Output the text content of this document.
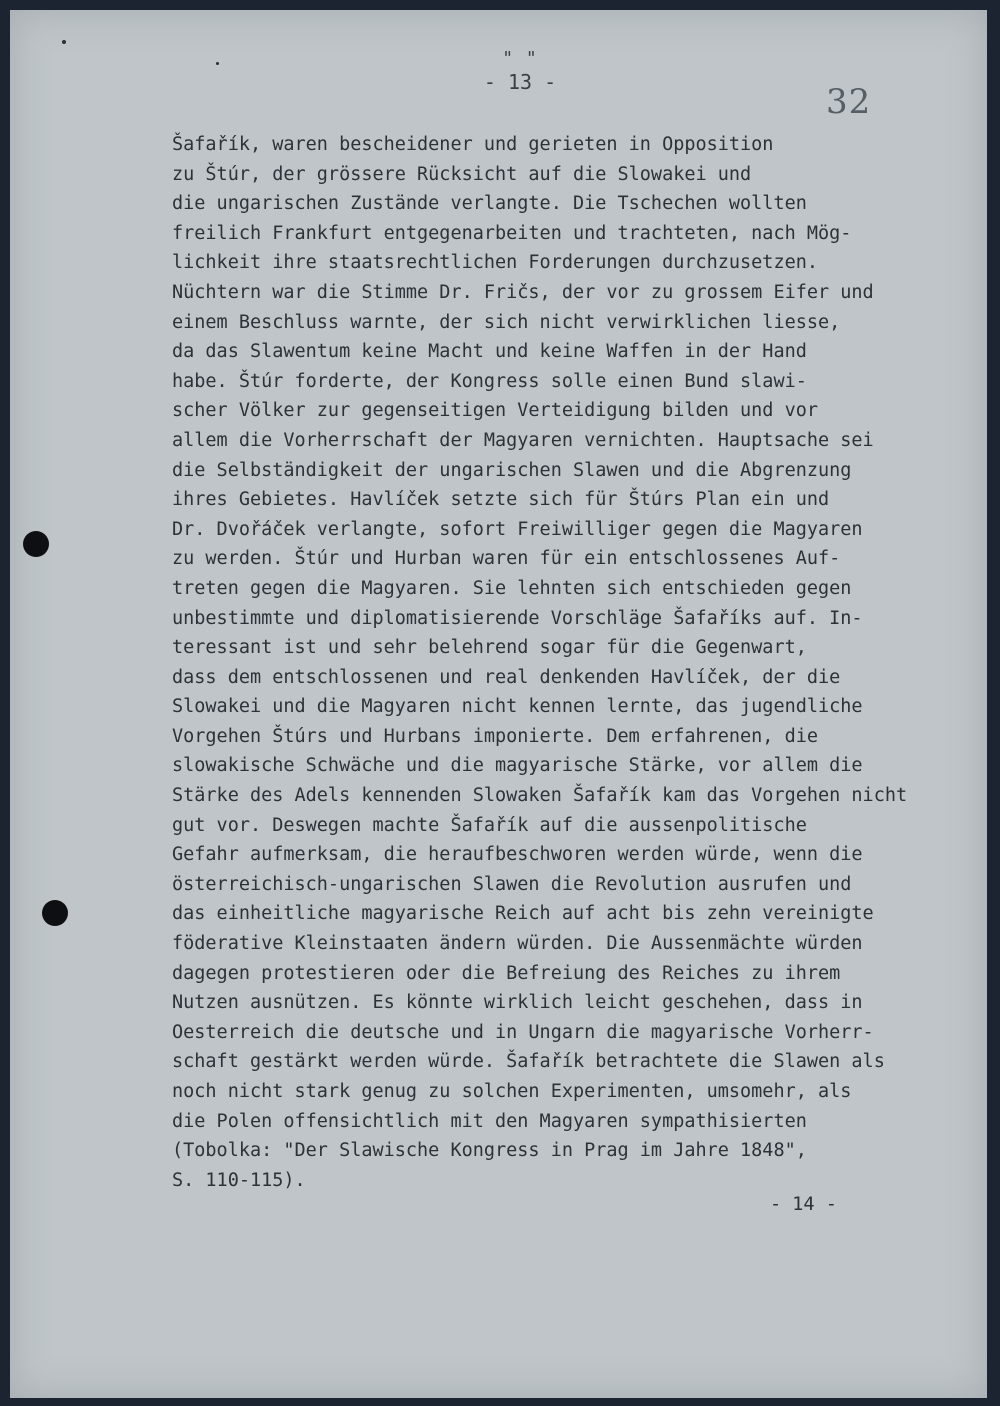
" "
- 13 -	32
Šafařík, waren bescheidener und gerieten in Opposition
zu Štúr, der grössere Rücksicht auf die Slowakei und
die ungarischen Zustände verlangte. Die Tschechen wollten
freilich Frankfurt entgegenarbeiten und trachteten, nach Mög-
lichkeit ihre staatsrechtlichen Forderungen durchzusetzen.
Nüchtern war die Stimme Dr. Fričs, der vor zu grossem Eifer und
einem Beschluss warnte, der sich nicht verwirklichen liesse,
da das Slawentum keine Macht und keine Waffen in der Hand
habe. Štúr forderte, der Kongress solle einen Bund slawi-
scher Völker zur gegenseitigen Verteidigung bilden und vor
allem die Vorherrschaft der Magyaren vernichten. Hauptsache sei
die Selbständigkeit der ungarischen Slawen und die Abgrenzung
ihres Gebietes. Havlíček setzte sich für Štúrs Plan ein und
Dr. Dvořáček verlangte, sofort Freiwilliger gegen die Magyaren
zu werden. Štúr und Hurban waren für ein entschlossenes Auf-
treten gegen die Magyaren. Sie lehnten sich entschieden gegen
unbestimmte und diplomatisierende Vorschläge Šafaříks auf. In-
teressant ist und sehr belehrend sogar für die Gegenwart,
dass dem entschlossenen und real denkenden Havlíček, der die
Slowakei und die Magyaren nicht kennen lernte, das jugendliche
Vorgehen Štúrs und Hurbans imponierte. Dem erfahrenen, die
slowakische Schwäche und die magyarische Stärke, vor allem die
Stärke des Adels kennenden Slowaken Šafařík kam das Vorgehen nicht
gut vor. Deswegen machte Šafařík auf die aussenpolitische
Gefahr aufmerksam, die heraufbeschworen werden würde, wenn die
österreichisch-ungarischen Slawen die Revolution ausrufen und
das einheitliche magyarische Reich auf acht bis zehn vereinigte
föderative Kleinstaaten ändern würden. Die Aussenmächte würden
dagegen protestieren oder die Befreiung des Reiches zu ihrem
Nutzen ausnützen. Es könnte wirklich leicht geschehen, dass in
Oesterreich die deutsche und in Ungarn die magyarische Vorherr-
schaft gestärkt werden würde. Šafařík betrachtete die Slawen als
noch nicht stark genug zu solchen Experimenten, umsomehr, als
die Polen offensichtlich mit den Magyaren sympathisierten
(Tobolka: "Der Slawische Kongress in Prag im Jahre 1848",
S. 110-115).
- 14 -
